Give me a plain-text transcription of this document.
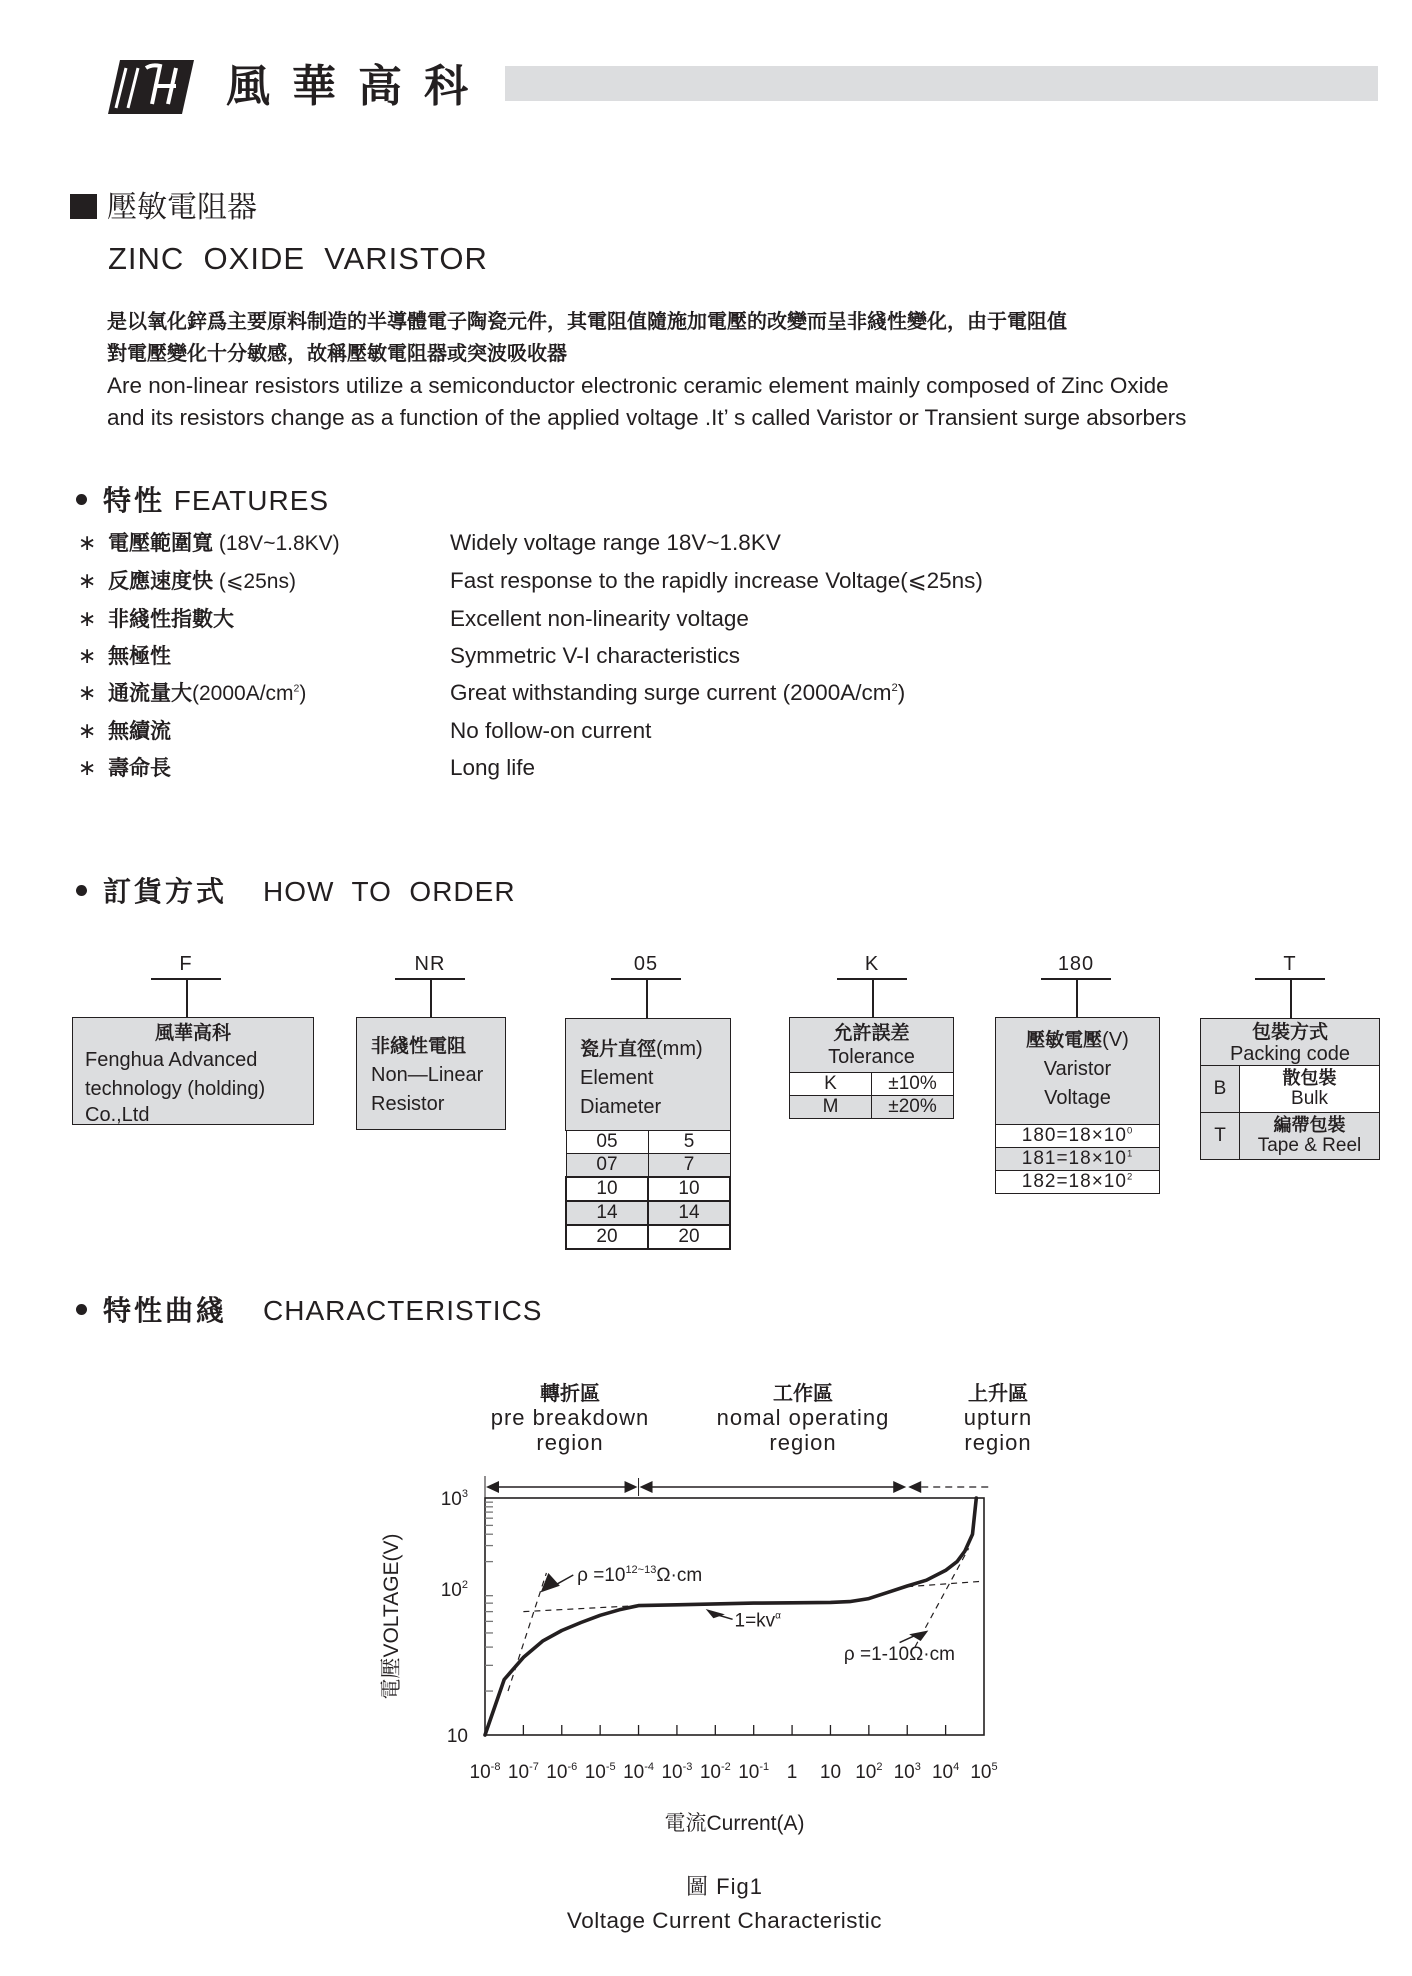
風華高科
壓敏電阻器
ZINC  OXIDE  VARISTOR
是以氧化鋅爲主要原料制造的半導體電子陶瓷元件，其電阻值隨施加電壓的改變而呈非綫性變化，由于電阻值
對電壓變化十分敏感，故稱壓敏電阻器或突波吸收器
Are non-linear resistors utilize a semiconductor electronic ceramic element mainly composed of Zinc Oxide
and its resistors change as a function of the applied voltage .It’ s called Varistor or Transient surge absorbers
特性 FEATURES
∗ 電壓範圍寬 (18V~1.8KV)	Widely voltage range 18V~1.8KV
∗ 反應速度快 (⩽25ns)	Fast response to the rapidly increase Voltage(⩽25ns)
∗ 非綫性指數大	Excellent non-linearity voltage
∗ 無極性	Symmetric V-I characteristics
∗ 通流量大$(2000A/cm^2)$	Great withstanding surge current $(2000A/cm^2)$
∗ 無續流	No follow-on current
∗ 壽命長	Long life
訂貨方式 HOW  TO  ORDER
F	NR	05	K	180	T
風華高科
Fenghua Advanced
technology (holding)
Co.,Ltd
非綫性電阻
Non—Linear
Resistor
瓷片直徑(mm)
Element
Diameter
05	5
07	7
10	10
14	14
20	20
允許誤差
Tolerance
K	±10%
M	±20%
壓敏電壓(V)
Varistor
Voltage
$180=18\times 10^0$
$181=18\times 10^1$
$182=18\times 10^2$
包裝方式
Packing code
B	散包裝
Bulk

T	編帶包裝
Tape & Reel
特性曲綫 CHARACTERISTICS
轉折區
pre breakdown
region
工作區
nomal operating
region
上升區
upturn
region
$10^{-8}$ $10^{-7}$ $10^{-6}$ $10^{-5}$ $10^{-4}$ $10^{-3}$ $10^{-2}$ $10^{-1}$ 1 10 $10^2$ $10^3$ $10^4$ $10^5$
$10^3$
$10^2$
10
電壓VOLTAGE(V)
電流Current(A)
圖 Fig1
Voltage Current Characteristic
$\rho =10^{12\sim 13}\Omega\cdot cm$
$1=kv^\alpha$
ρ =1-10Ω·cm
